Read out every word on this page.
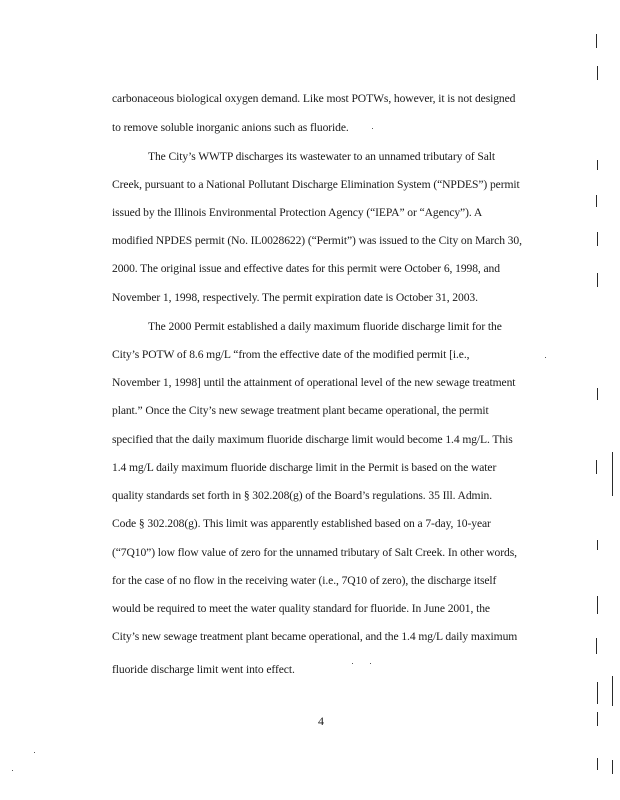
carbonaceous biological oxygen demand. Like most POTWs, however, it is not designed
to remove soluble inorganic anions such as fluoride.
The City’s WWTP discharges its wastewater to an unnamed tributary of Salt
Creek, pursuant to a National Pollutant Discharge Elimination System (“NPDES”) permit
issued by the Illinois Environmental Protection Agency (“IEPA” or “Agency”). A
modified NPDES permit (No. IL0028622) (“Permit”) was issued to the City on March 30,
2000. The original issue and effective dates for this permit were October 6, 1998, and
November 1, 1998, respectively. The permit expiration date is October 31, 2003.
The 2000 Permit established a daily maximum fluoride discharge limit for the
City’s POTW of 8.6 mg/L “from the effective date of the modified permit [i.e.,
November 1, 1998] until the attainment of operational level of the new sewage treatment
plant.” Once the City’s new sewage treatment plant became operational, the permit
specified that the daily maximum fluoride discharge limit would become 1.4 mg/L. This
1.4 mg/L daily maximum fluoride discharge limit in the Permit is based on the water
quality standards set forth in § 302.208(g) of the Board’s regulations. 35 Ill. Admin.
Code § 302.208(g). This limit was apparently established based on a 7-day, 10-year
(“7Q10”) low flow value of zero for the unnamed tributary of Salt Creek. In other words,
for the case of no flow in the receiving water (i.e., 7Q10 of zero), the discharge itself
would be required to meet the water quality standard for fluoride. In June 2001, the
City’s new sewage treatment plant became operational, and the 1.4 mg/L daily maximum
fluoride discharge limit went into effect.
4
